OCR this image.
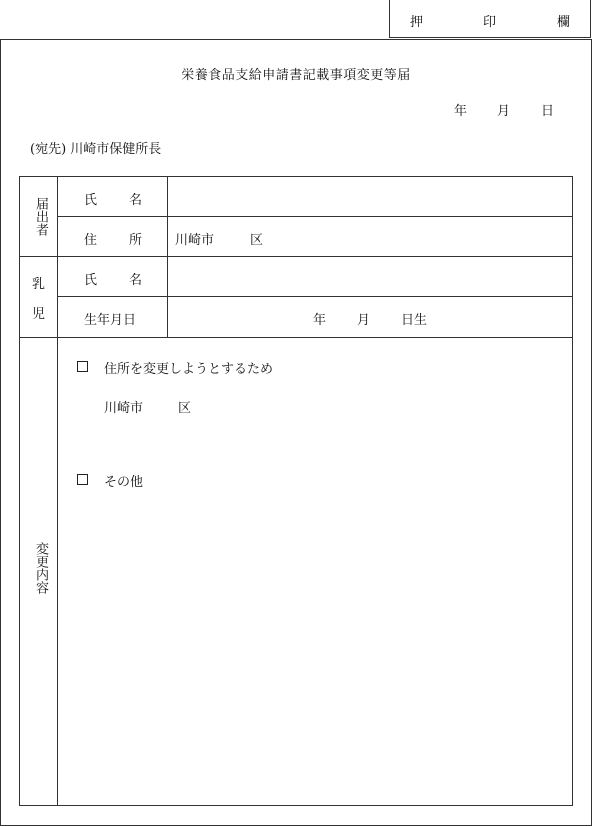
押	印	欄
栄養食品支給申請書記載事項変更等届
年 月 日
(宛先) 川崎市保健所長
届出者
氏 名
住 所	川崎市	区
乳
児
氏 名
生年月日	年 月 日生
変更内容
住所を変更しようとするため
川崎市	区
その他
